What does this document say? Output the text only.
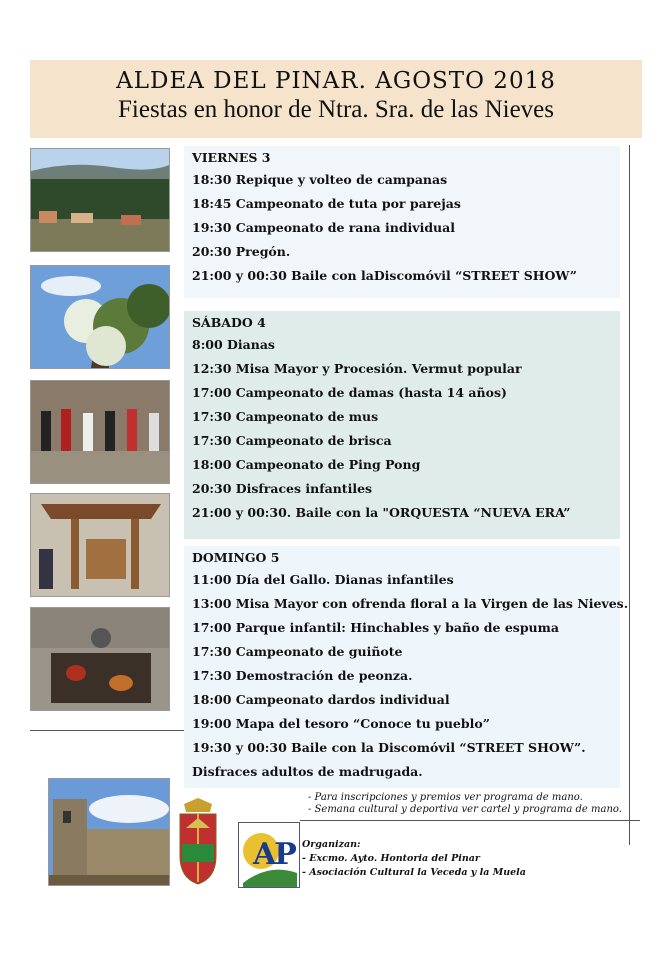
ALDEA DEL PINAR. AGOSTO 2018
Fiestas en honor de Ntra. Sra. de las Nieves
VIERNES 3
18:30 Repique y volteo de campanas
18:45 Campeonato de tuta por parejas
19:30 Campeonato de rana individual
20:30 Pregón.
21:00 y 00:30 Baile con laDiscomóvil “STREET SHOW”
SÁBADO 4
8:00 Dianas
12:30 Misa Mayor y Procesión. Vermut popular
17:00 Campeonato de damas (hasta 14 años)
17:30 Campeonato de mus
17:30 Campeonato de brisca
18:00 Campeonato de Ping Pong
20:30 Disfraces infantiles
21:00 y 00:30. Baile con la "ORQUESTA “NUEVA ERA”
DOMINGO 5
11:00 Día del Gallo. Dianas infantiles
13:00 Misa Mayor con ofrenda floral a la Virgen de las Nieves.
17:00 Parque infantil: Hinchables y baño de espuma
17:30 Campeonato de guiñote
17:30 Demostración de peonza.
18:00 Campeonato dardos individual
19:00 Mapa del tesoro “Conoce tu pueblo”
19:30 y 00:30 Baile con la Discomóvil “STREET SHOW”.
Disfraces adultos de madrugada.
- Para inscripciones y premios ver programa de mano.
- Semana cultural y deportiva ver cartel y programa de mano.
AP Organizan:
- Excmo. Ayto. Hontoria del Pinar
- Asociación Cultural la Veceda y la Muela
